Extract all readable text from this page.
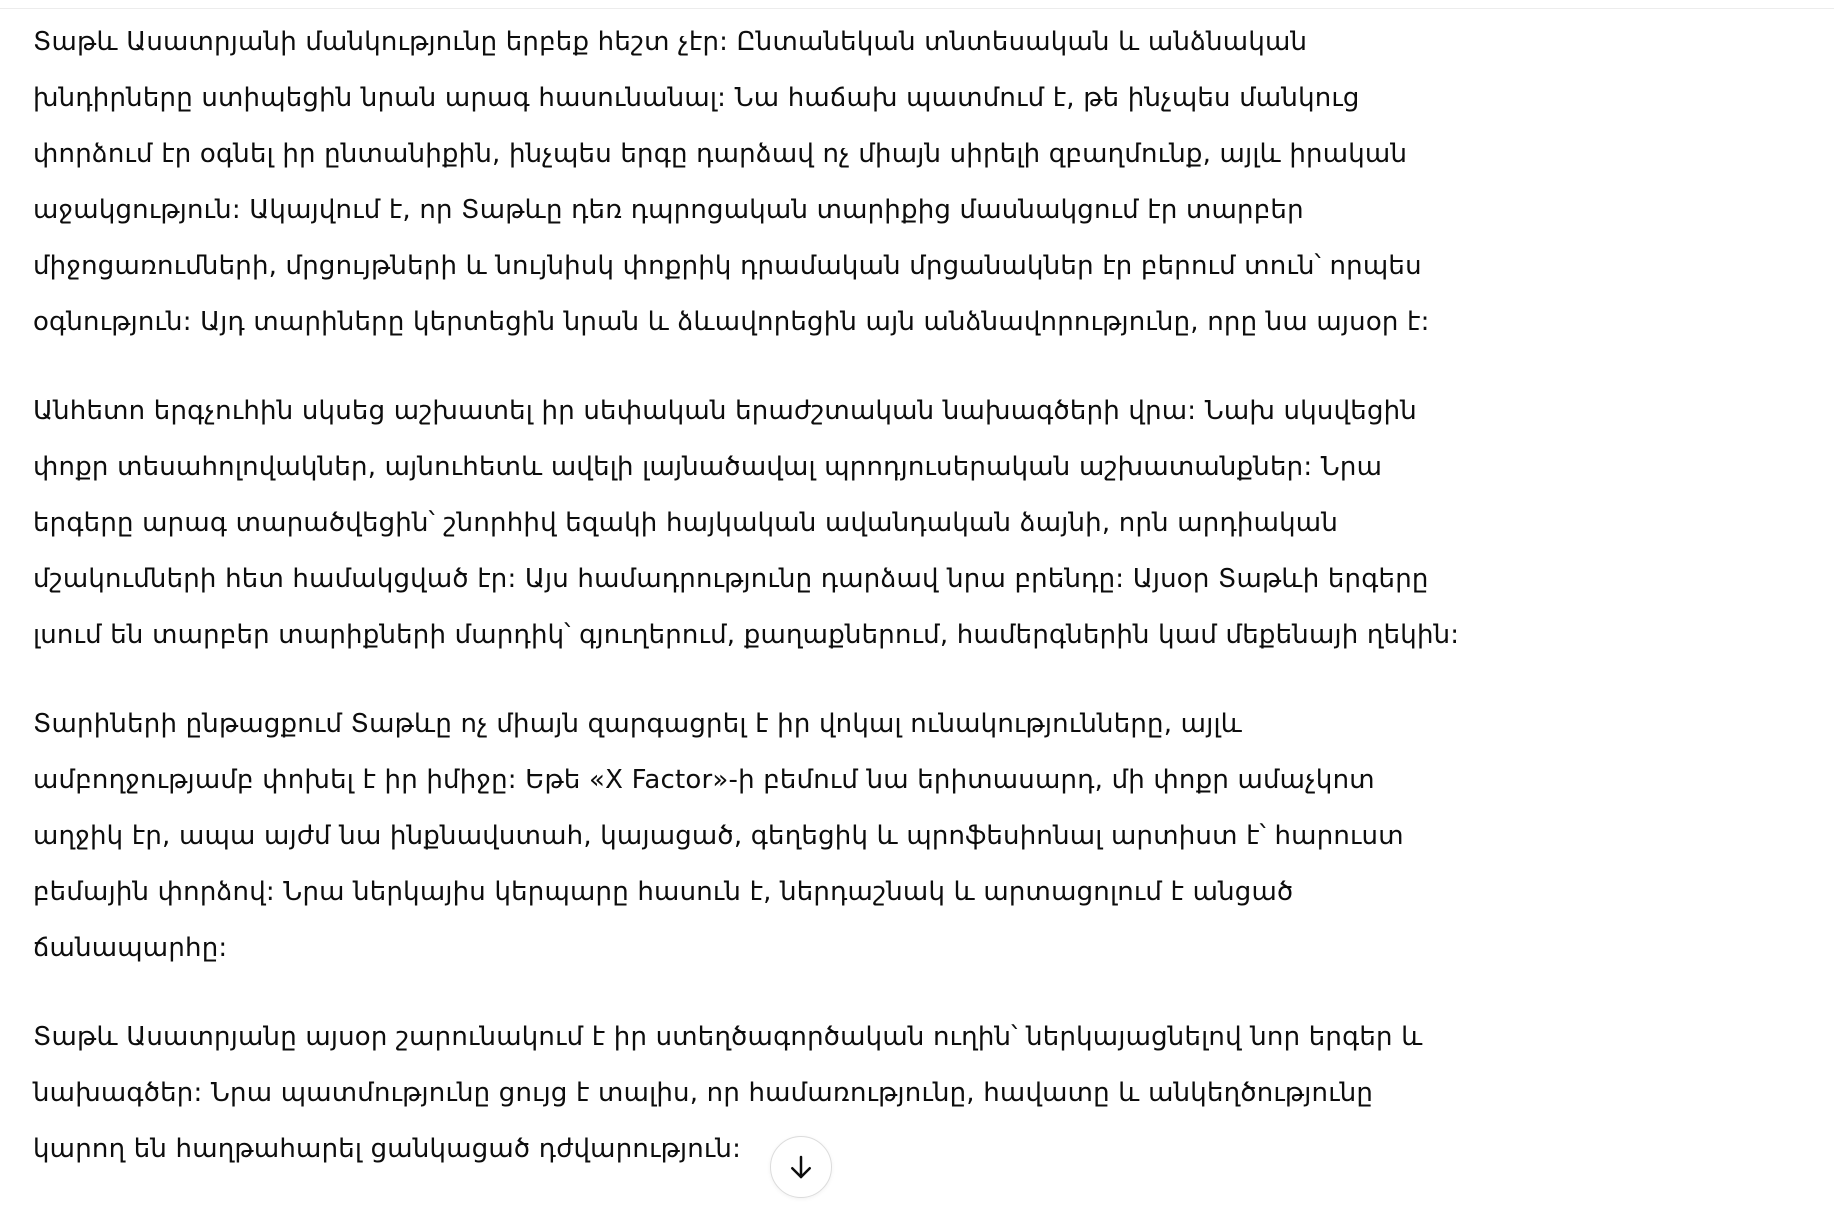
Տաթև Ասատրյանի մանկությունը երբեք հեշտ չէր: Ընտանեկան տնտեսական և անձնական
խնդիրները ստիպեցին նրան արագ հասունանալ: Նա հաճախ պատմում է, թե ինչպես մանկուց
փորձում էր օգնել իր ընտանիքին, ինչպես երգը դարձավ ոչ միայն սիրելի զբաղմունք, այլև իրական
աջակցություն: Ակայվում է, որ Տաթևը դեռ դպրոցական տարիքից մասնակցում էր տարբեր
միջոցառումների, մրցույթների և նույնիսկ փոքրիկ դրամական մրցանակներ էր բերում տուն՝ որպես
օգնություն: Այդ տարիները կերտեցին նրան և ձևավորեցին այն անձնավորությունը, որը նա այսօր է:

Անհետո երգչուհին սկսեց աշխատել իր սեփական երաժշտական նախագծերի վրա: Նախ սկսվեցին
փոքր տեսահոլովակներ, այնուհետև ավելի լայնածավալ պրոդյուսերական աշխատանքներ: Նրա
երգերը արագ տարածվեցին՝ շնորհիվ եզակի հայկական ավանդական ձայնի, որն արդիական
մշակումների հետ համակցված էր: Այս համադրությունը դարձավ նրա բրենդը: Այսօր Տաթևի երգերը
լսում են տարբեր տարիքների մարդիկ՝ գյուղերում, քաղաքներում, համերգներին կամ մեքենայի ղեկին:

Տարիների ընթացքում Տաթևը ոչ միայն զարգացրել է իր վոկալ ունակությունները, այլև
ամբողջությամբ փոխել է իր իմիջը: Եթե «X Factor»-ի բեմում նա երիտասարդ, մի փոքր ամաչկոտ
աղջիկ էր, ապա այժմ նա ինքնավստահ, կայացած, գեղեցիկ և պրոֆեսիոնալ արտիստ է՝ հարուստ
բեմային փորձով: Նրա ներկայիս կերպարը հասուն է, ներդաշնակ և արտացոլում է անցած
ճանապարհը:

Տաթև Ասատրյանը այսօր շարունակում է իր ստեղծագործական ուղին՝ ներկայացնելով նոր երգեր և
նախագծեր: Նրա պատմությունը ցույց է տալիս, որ համառությունը, հավատը և անկեղծությունը
կարող են հաղթահարել ցանկացած դժվարություն:
